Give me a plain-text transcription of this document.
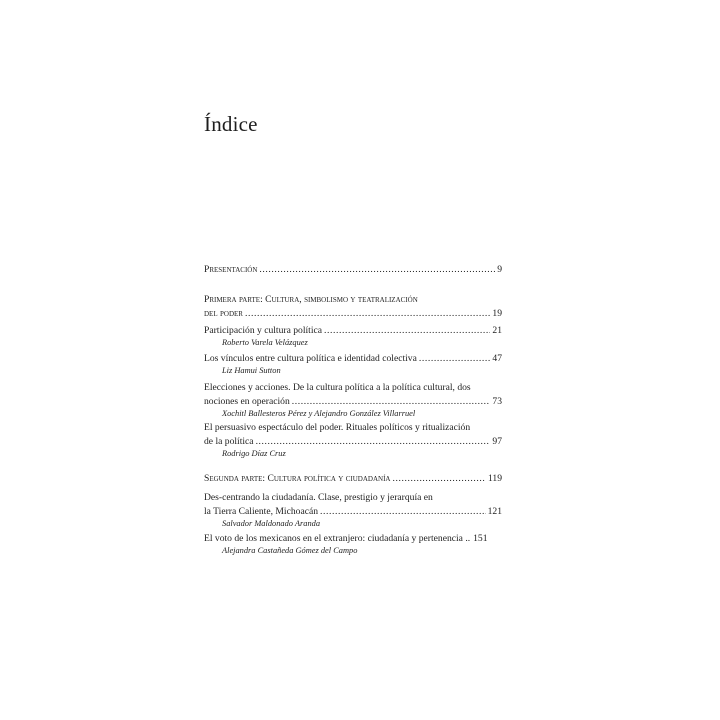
Índice
Presentación .....	9
Primera parte: Cultura, simbolismo y teatralización
del poder .....	19
Participación y cultura política .....	21
Roberto Varela Velázquez
Los vínculos entre cultura política e identidad colectiva .....	47
Liz Hamui Sutton
Elecciones y acciones. De la cultura política a la política cultural, dos
nociones en operación .....	73
Xochitl Ballesteros Pérez y Alejandro González Villarruel
El persuasivo espectáculo del poder. Rituales políticos y ritualización
de la política .....	97
Rodrigo Díaz Cruz
Segunda parte: Cultura política y ciudadanía .....	119
Des-centrando la ciudadanía. Clase, prestigio y jerarquía en
la Tierra Caliente, Michoacán .....	121
Salvador Maldonado Aranda
El voto de los mexicanos en el extranjero: ciudadanía y pertenencia .. 151
Alejandra Castañeda Gómez del Campo
